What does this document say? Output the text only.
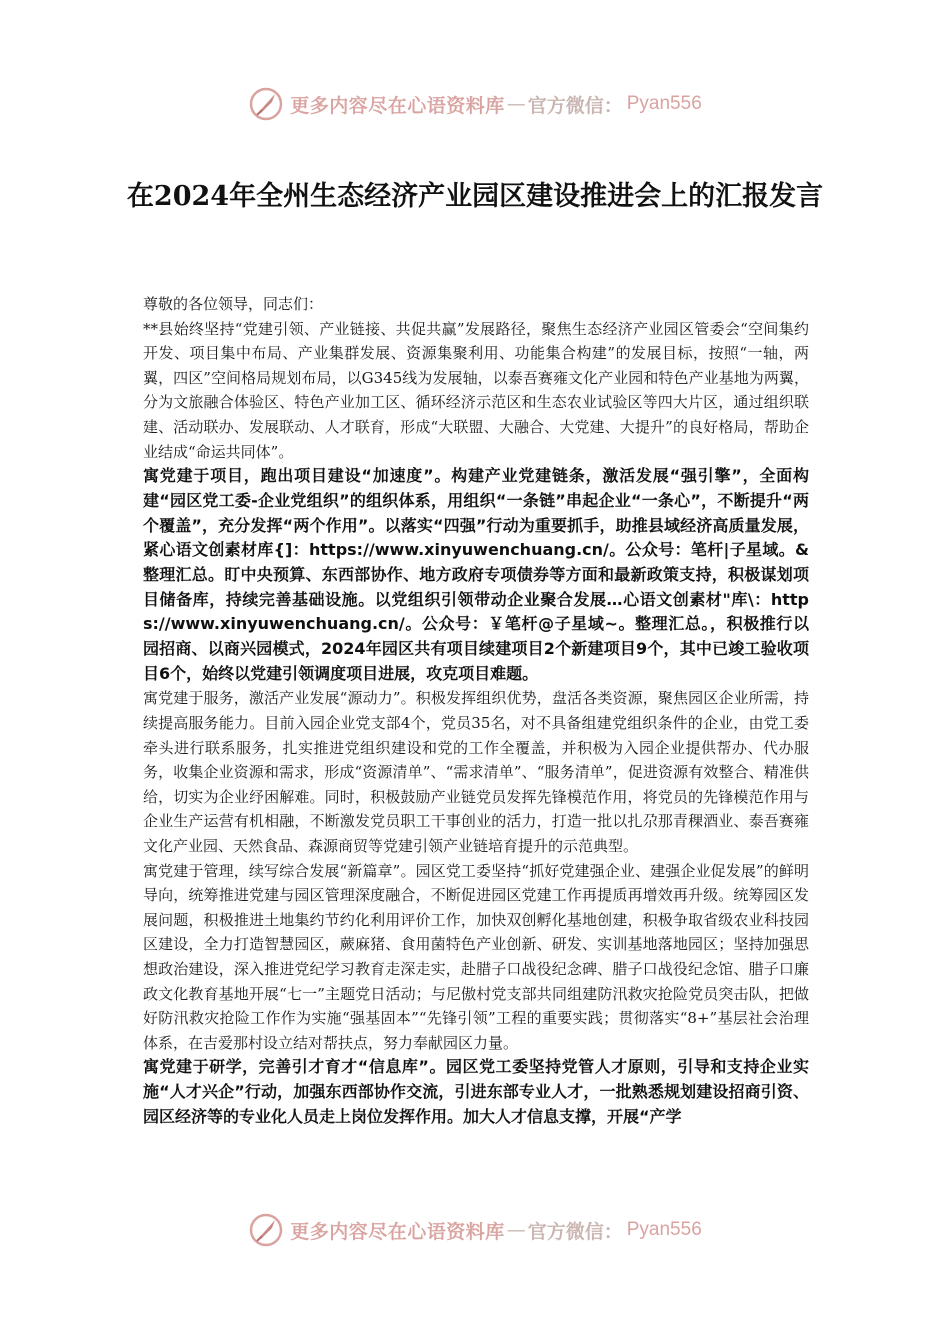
更多内容尽在心语资料库 — 官方微信： Pyan556
在2024年全州生态经济产业园区建设推进会上的汇报发言

尊敬的各位领导，同志们：

**县始终坚持“党建引领、产业链接、共促共赢”发展路径，聚焦生态经济产业园区管委会“空间集约开发、项目集中布局、产业集群发展、资源集聚利用、功能集合构建”的发展目标，按照“一轴，两翼，四区”空间格局规划布局，以G345线为发展轴，以泰吾赛雍文化产业园和特色产业基地为两翼，分为文旅融合体验区、特色产业加工区、循环经济示范区和生态农业试验区等四大片区，通过组织联建、活动联办、发展联动、人才联育，形成“大联盟、大融合、大党建、大提升”的良好格局，帮助企业结成“命运共同体”。

寓党建于项目，跑出项目建设“加速度”。构建产业党建链条，激活发展“强引擎”，全面构建“园区党工委-企业党组织”的组织体系，用组织“一条链”串起企业“一条心”，不断提升“两个覆盖”，充分发挥“两个作用”。以落实“四强”行动为重要抓手，助推县域经济高质量发展，紧心语文创素材库{]：https://www.xinyuwenchuang.cn/。公众号：笔杆|子星域。&整理汇总。盯中央预算、东西部协作、地方政府专项债券等方面和最新政策支持，积极谋划项目储备库，持续完善基础设施。以党组织引领带动企业聚合发展…心语文创素材"库\：https://www.xinyuwenchuang.cn/。公众号：￥笔杆@子星域~。整理汇总。，积极推行以园招商、以商兴园模式，2024年园区共有项目续建项目2个新建项目9个，其中已竣工验收项目6个，始终以党建引领调度项目进展，攻克项目难题。

寓党建于服务，激活产业发展“源动力”。积极发挥组织优势，盘活各类资源，聚焦园区企业所需，持续提高服务能力。目前入园企业党支部4个，党员35名，对不具备组建党组织条件的企业，由党工委牵头进行联系服务，扎实推进党组织建设和党的工作全覆盖，并积极为入园企业提供帮办、代办服务，收集企业资源和需求，形成“资源清单”、“需求清单”、“服务清单”，促进资源有效整合、精准供给，切实为企业纾困解难。同时，积极鼓励产业链党员发挥先锋模范作用，将党员的先锋模范作用与企业生产运营有机相融，不断激发党员职工干事创业的活力，打造一批以扎尕那青稞酒业、泰吾赛雍文化产业园、天然食品、森源商贸等党建引领产业链培育提升的示范典型。

寓党建于管理，续写综合发展“新篇章”。园区党工委坚持“抓好党建强企业、建强企业促发展”的鲜明导向，统筹推进党建与园区管理深度融合，不断促进园区党建工作再提质再增效再升级。统筹园区发展问题，积极推进土地集约节约化利用评价工作，加快双创孵化基地创建，积极争取省级农业科技园区建设，全力打造智慧园区，蕨麻猪、食用菌特色产业创新、研发、实训基地落地园区；坚持加强思想政治建设，深入推进党纪学习教育走深走实，赴腊子口战役纪念碑、腊子口战役纪念馆、腊子口廉政文化教育基地开展“七一”主题党日活动；与尼傲村党支部共同组建防汛救灾抢险党员突击队，把做好防汛救灾抢险工作作为实施“强基固本”“先锋引领”工程的重要实践；贯彻落实“8+”基层社会治理体系，在吉爱那村设立结对帮扶点，努力奉献园区力量。

寓党建于研学，完善引才育才“信息库”。园区党工委坚持党管人才原则，引导和支持企业实施“人才兴企”行动，加强东西部协作交流，引进东部专业人才，一批熟悉规划建设招商引资、园区经济等的专业化人员走上岗位发挥作用。加大人才信息支撑，开展“产学

更多内容尽在心语资料库 — 官方微信： Pyan556
